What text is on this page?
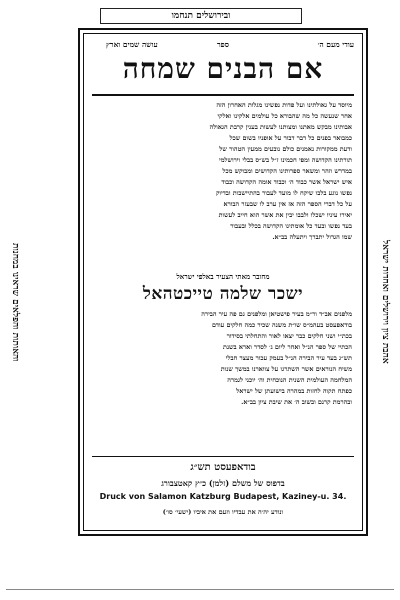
ובירושלים תנחמו
והאותות והפלאים שראינו במחנות	אהבת ציון וירושלים ואחדות ישראל
עודי מעם ה׳
ספר
עושה שמים וארץ
אם הבנים שמחה

מיוסד על גאולתינו ועל פדות נפשינו מגלות האחרון הזה

אחר שנעשה כל מה שהבורא כל עולמים אלקינו ואלקי

אבותינו מבקש מאתנו ומצותנו לעשות בענין קרבת הגאולה

כמבואר בפנים כל דבר דבור על אופניו בשום שכל

ודעת ממקורות נאמנים כולם נובעים ממעין הטהור של

תורתינו הקדושה ומפי חכמינו ז״ל בש״ס בבלי וירושלמי

במדרש וזהר ומשאר ספרותינו הקדושים ומבוקש מכל

איש ישראל אשר כבוד ה׳ וכבוד אומה הקדושה וכבוד

נפשו נוגע בלבו שיקח לו מועד לעבור בהתיישבות ובדיוק

על כל דברי הספר הזה אז אין ערב לו שבעזר הבורא

יאירו עיניו ישכלו ולבבו יבין את אשר הוא חייב לעשות

בעד נפשו ובעד כל אומתינו הקדושה בכלל ובעבור

שמו הגדול יתברך ויתעלה בב״א.

מחובר מאתי הצעיר באלפי ישראל
ישכר שלמה טייכטהאל

מלפנים אב״ד ור״מ בעיר פישטיאן ומלפנים גם פה עיר הבירה

בודאפעסט בעהמ״ס שו״ת משנה שכיר כמה חלקים עודם

בכת״י ושני חלקים כבר יצאו לאור והתחלתי בסידור

הכתיי של ספר הנ״ל ואחר ליום ג׳ לסדר וארא בשנת

תש״ג בעד עיר הבירה הנ״ל בעמק עכור מעצר חבלי

משיח הנוראים אשר השתרגו על צווארנו במשך שנות

המלחמה העולמית השנית הנוכחית וה׳ יוכני לגמרה

כפתח תקוה לחזות במהרה בישועתן של ישראל

ובהרמת קרנם ובשוב ה׳ את שיבת ציון בב״א.

בודאפעסט תש״ג
בדפוס של משלם (זלמן) כ״ץ קאטצבורג
Druck von Salamon Katzburg Budapest, Kaziney-u. 34.
ונודע יה׳ה את עבדיו וזעם את איביו (ישעי׳ סו׳)
